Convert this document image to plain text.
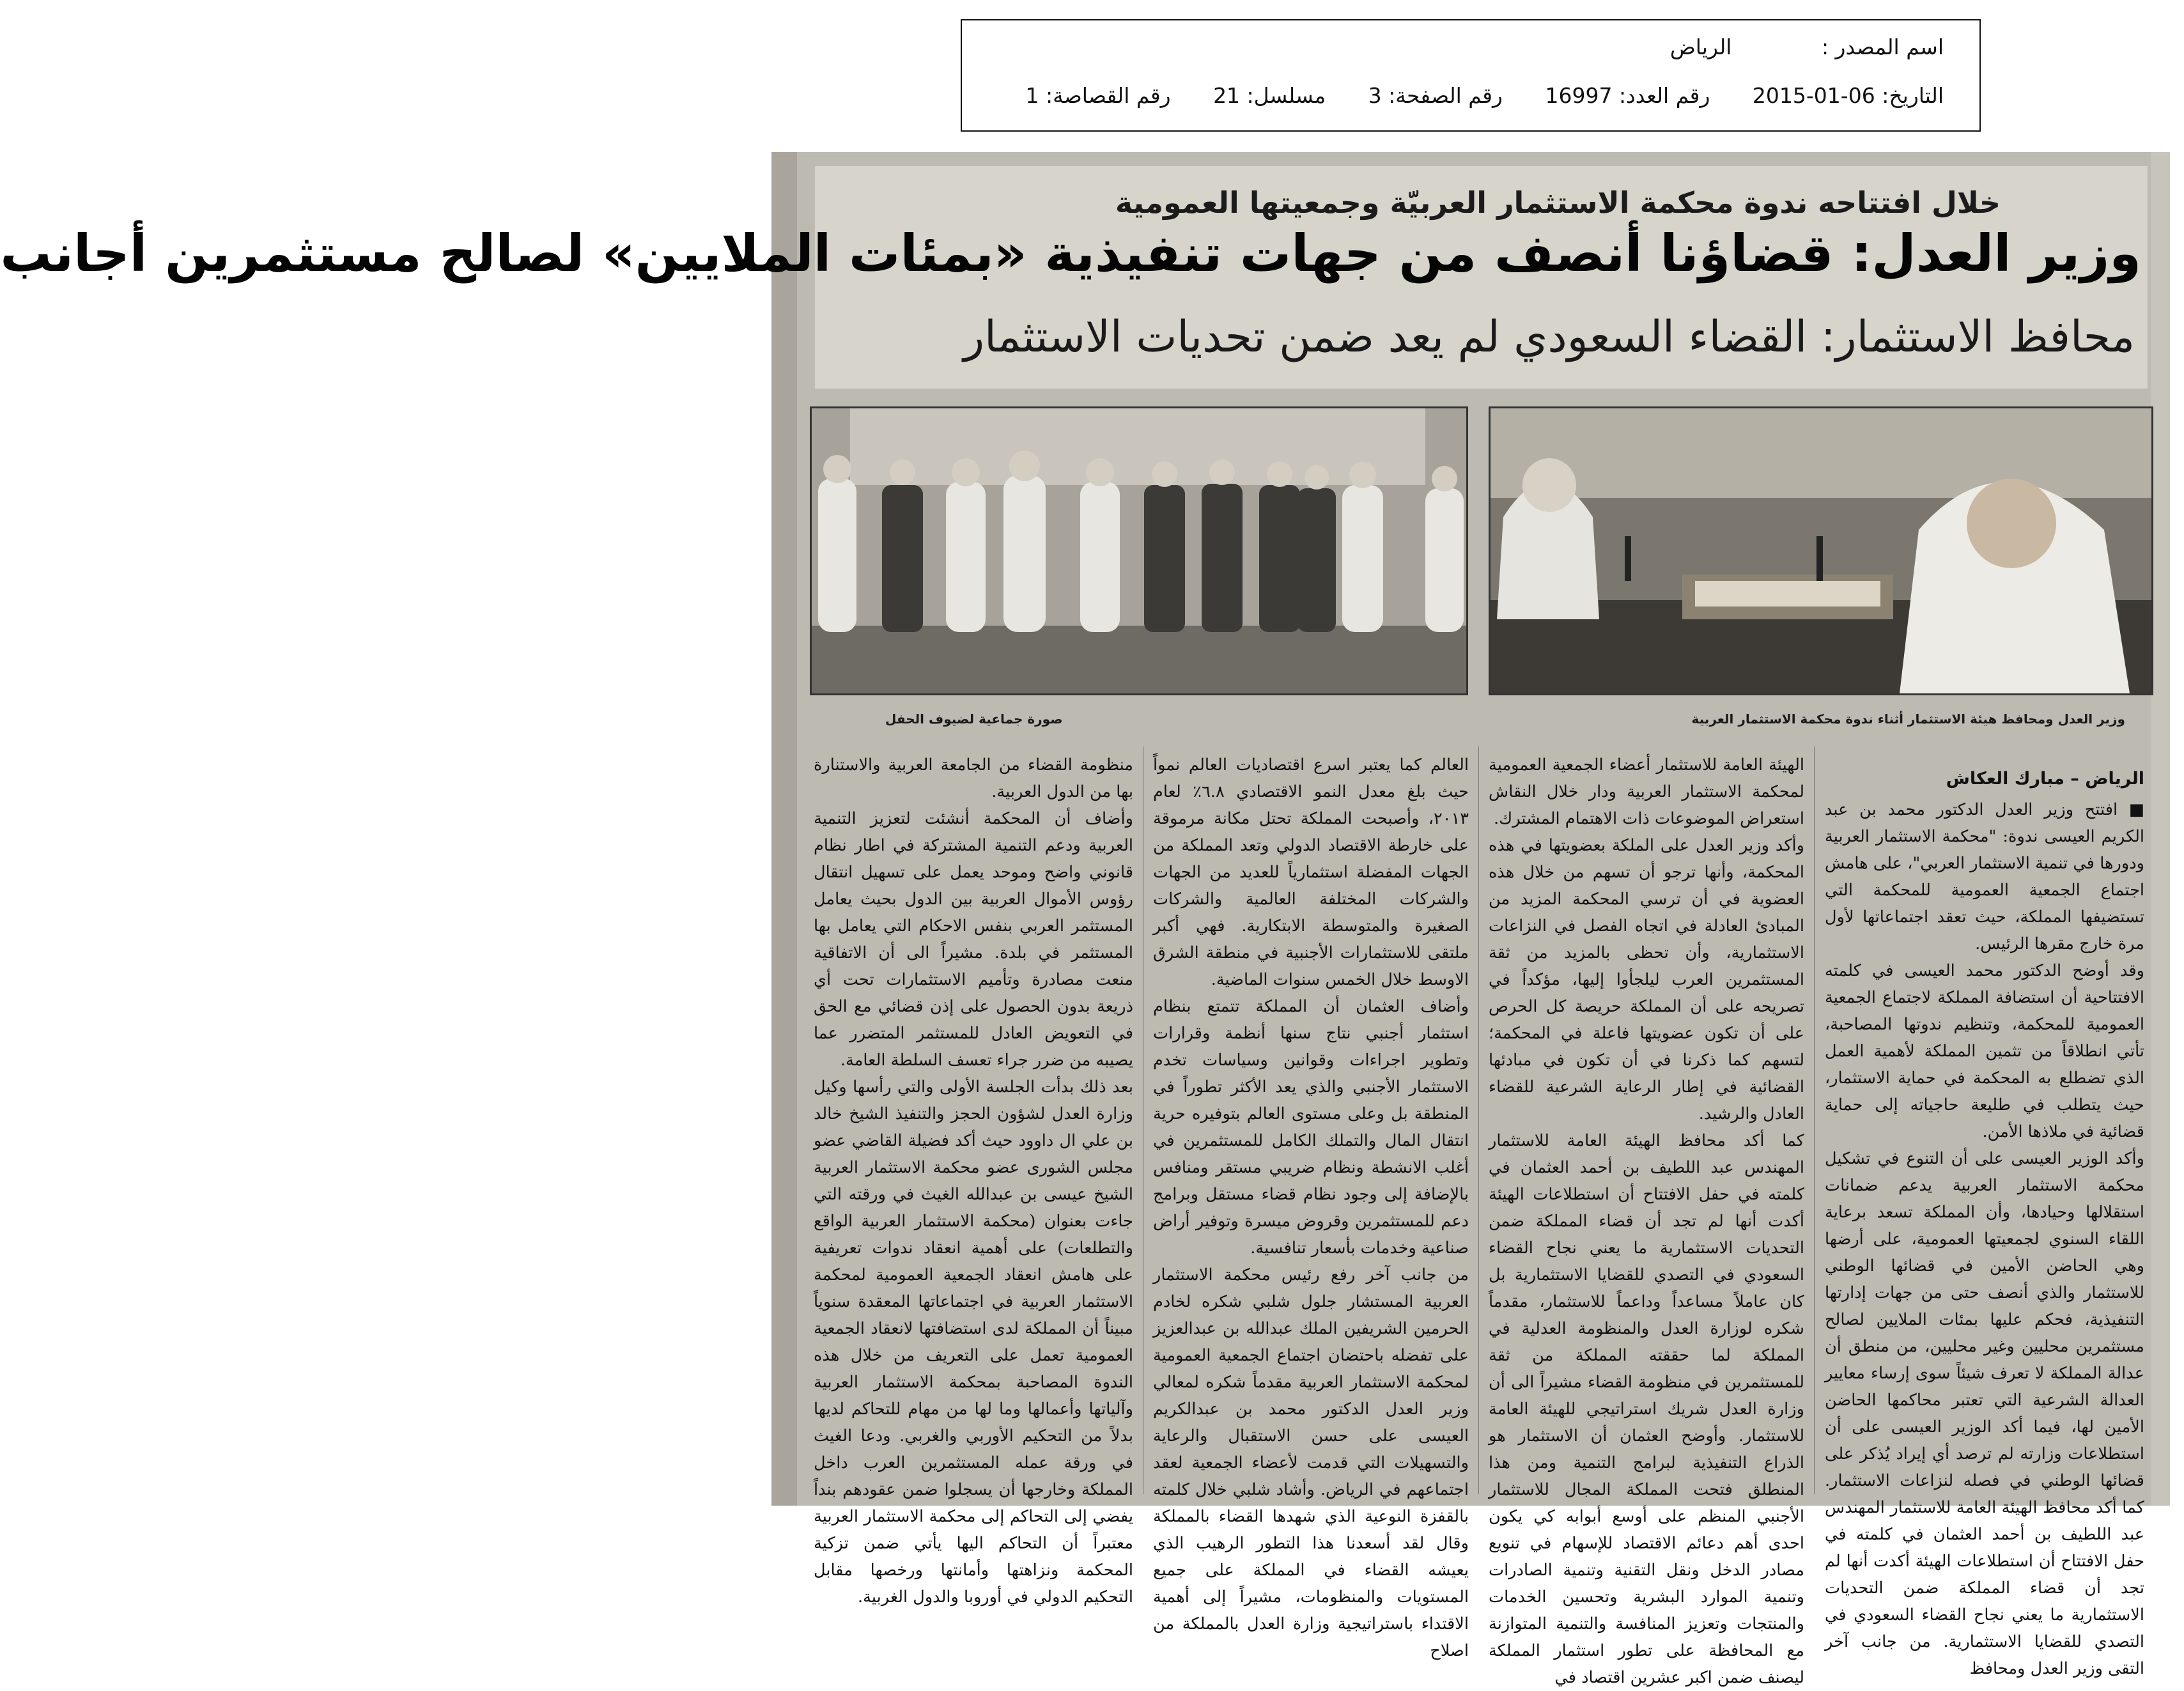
اسم المصدر : الرياض
التاريخ: 06-01-2015 رقم العدد: 16997 رقم الصفحة: 3 مسلسل: 21 رقم القصاصة: 1
خلال افتتاحه ندوة محكمة الاستثمار العربيّة وجمعيتها العمومية
وزير العدل: قضاؤنا أنصف من جهات تنفيذية «بمئات الملايين» لصالح مستثمرين أجانب
محافظ الاستثمار: القضاء السعودي لم يعد ضمن تحديات الاستثمار
صورة جماعية لضيوف الحفل	وزير العدل ومحافظ هيئة الاستثمار أثناء ندوة محكمة الاستثمار العربية

الرياض – مبارك العكاش

■ افتتح وزير العدل الدكتور محمد بن عبد الكريم العيسى ندوة: "محكمة الاستثمار العربية ودورها في تنمية الاستثمار العربي"، على هامش اجتماع الجمعية العمومية للمحكمة التي تستضيفها المملكة، حيث تعقد اجتماعاتها لأول مرة خارج مقرها الرئيس.
وقد أوضح الدكتور محمد العيسى في كلمته الافتتاحية أن استضافة المملكة لاجتماع الجمعية العمومية للمحكمة، وتنظيم ندوتها المصاحبة، تأتي انطلاقاً من تثمين المملكة لأهمية العمل الذي تضطلع به المحكمة في حماية الاستثمار، حيث يتطلب في طليعة حاجياته إلى حماية قضائية في ملاذها الأمن.
وأكد الوزير العيسى على أن التنوع في تشكيل محكمة الاستثمار العربية يدعم ضمانات استقلالها وحيادها، وأن المملكة تسعد برعاية اللقاء السنوي لجمعيتها العمومية، على أرضها وهي الحاضن الأمين في قضائها الوطني للاستثمار والذي أنصف حتى من جهات إدارتها التنفيذية، فحكم عليها بمئات الملايين لصالح مستثمرين محليين وغير محليين، من منطق أن عدالة المملكة لا تعرف شيئاً سوى إرساء معايير العدالة الشرعية التي تعتبر محاكمها الحاضن الأمين لها، فيما أكد الوزير العيسى على أن استطلاعات وزارته لم ترصد أي إيراد يُذكر على قضائها الوطني في فصله لنزاعات الاستثمار. كما أكد محافظ الهيئة العامة للاستثمار المهندس عبد اللطيف بن أحمد العثمان في كلمته في حفل الافتتاح أن استطلاعات الهيئة أكدت أنها لم تجد أن قضاء المملكة ضمن التحديات الاستثمارية ما يعني نجاح القضاء السعودي في التصدي للقضايا الاستثمارية. من جانب آخر التقى وزير العدل ومحافظ

الهيئة العامة للاستثمار أعضاء الجمعية العمومية لمحكمة الاستثمار العربية ودار خلال النقاش استعراض الموضوعات ذات الاهتمام المشترك.
وأكد وزير العدل على الملكة بعضويتها في هذه المحكمة، وأنها ترجو أن تسهم من خلال هذه العضوية في أن ترسي المحكمة المزيد من المبادئ العادلة في اتجاه الفصل في النزاعات الاستثمارية، وأن تحظى بالمزيد من ثقة المستثمرين العرب ليلجأوا إليها، مؤكداً في تصريحه على أن المملكة حريصة كل الحرص على أن تكون عضويتها فاعلة في المحكمة؛ لتسهم كما ذكرنا في أن تكون في مبادئها القضائية في إطار الرعاية الشرعية للقضاء العادل والرشيد.
كما أكد محافظ الهيئة العامة للاستثمار المهندس عبد اللطيف بن أحمد العثمان في كلمته في حفل الافتتاح أن استطلاعات الهيئة أكدت أنها لم تجد أن قضاء المملكة ضمن التحديات الاستثمارية ما يعني نجاح القضاء السعودي في التصدي للقضايا الاستثمارية بل كان عاملاً مساعداً وداعماً للاستثمار، مقدماً شكره لوزارة العدل والمنظومة العدلية في المملكة لما حققته المملكة من ثقة للمستثمرين في منظومة القضاء مشيراً الى أن وزارة العدل شريك استراتيجي للهيئة العامة للاستثمار. وأوضح العثمان أن الاستثمار هو الذراع التنفيذية لبرامج التنمية ومن هذا المنطلق فتحت المملكة المجال للاستثمار الأجنبي المنظم على أوسع أبوابه كي يكون احدى أهم دعائم الاقتصاد للإسهام في تنويع مصادر الدخل ونقل التقنية وتنمية الصادرات وتنمية الموارد البشرية وتحسين الخدمات والمنتجات وتعزيز المنافسة والتنمية المتوازنة مع المحافظة على تطور استثمار المملكة ليصنف ضمن اكبر عشرين اقتصاد في

العالم كما يعتبر اسرع اقتصاديات العالم نمواً حيث بلغ معدل النمو الاقتصادي ٦.٨٪ لعام ٢٠١٣، وأصبحت المملكة تحتل مكانة مرموقة على خارطة الاقتصاد الدولي وتعد المملكة من الجهات المفضلة استثمارياً للعديد من الجهات والشركات المختلفة العالمية والشركات الصغيرة والمتوسطة الابتكارية. فهي أكبر ملتقى للاستثمارات الأجنبية في منطقة الشرق الاوسط خلال الخمس سنوات الماضية.
وأضاف العثمان أن المملكة تتمتع بنظام استثمار أجنبي نتاج سنها أنظمة وقرارات وتطوير اجراءات وقوانين وسياسات تخدم الاستثمار الأجنبي والذي يعد الأكثر تطوراً في المنطقة بل وعلى مستوى العالم بتوفيره حرية انتقال المال والتملك الكامل للمستثمرين في أغلب الانشطة ونظام ضريبي مستقر ومنافس بالإضافة إلى وجود نظام قضاء مستقل وبرامج دعم للمستثمرين وقروض ميسرة وتوفير أراض صناعية وخدمات بأسعار تنافسية.
من جانب آخر رفع رئيس محكمة الاستثمار العربية المستشار جلول شلبي شكره لخادم الحرمين الشريفين الملك عبدالله بن عبدالعزيز على تفضله باحتضان اجتماع الجمعية العمومية لمحكمة الاستثمار العربية مقدماً شكره لمعالي وزير العدل الدكتور محمد بن عبدالكريم العيسى على حسن الاستقبال والرعاية والتسهيلات التي قدمت لأعضاء الجمعية لعقد اجتماعهم في الرياض. وأشاد شلبي خلال كلمته بالقفزة النوعية الذي شهدها القضاء بالمملكة وقال لقد أسعدنا هذا التطور الرهيب الذي يعيشه القضاء في المملكة على جميع المستويات والمنظومات، مشيراً إلى أهمية الاقتداء باستراتيجية وزارة العدل بالمملكة من اصلاح

منظومة القضاء من الجامعة العربية والاستنارة بها من الدول العربية.
وأضاف أن المحكمة أنشئت لتعزيز التنمية العربية ودعم التنمية المشتركة في اطار نظام قانوني واضح وموحد يعمل على تسهيل انتقال رؤوس الأموال العربية بين الدول بحيث يعامل المستثمر العربي بنفس الاحكام التي يعامل بها المستثمر في بلدة. مشيراً الى أن الاتفاقية منعت مصادرة وتأميم الاستثمارات تحت أي ذريعة بدون الحصول على إذن قضائي مع الحق في التعويض العادل للمستثمر المتضرر عما يصيبه من ضرر جراء تعسف السلطة العامة.
بعد ذلك بدأت الجلسة الأولى والتي رأسها وكيل وزارة العدل لشؤون الحجز والتنفيذ الشيخ خالد بن علي ال داوود حيث أكد فضيلة القاضي عضو مجلس الشورى عضو محكمة الاستثمار العربية الشيخ عيسى بن عبدالله الغيث في ورقته التي جاءت بعنوان (محكمة الاستثمار العربية الواقع والتطلعات) على أهمية انعقاد ندوات تعريفية على هامش انعقاد الجمعية العمومية لمحكمة الاستثمار العربية في اجتماعاتها المعقدة سنوياً مبيناً أن المملكة لدى استضافتها لانعقاد الجمعية العمومية تعمل على التعريف من خلال هذه الندوة المصاحبة بمحكمة الاستثمار العربية وآلياتها وأعمالها وما لها من مهام للتحاكم لديها بدلاً من التحكيم الأوربي والغربي. ودعا الغيث في ورقة عمله المستثمرين العرب داخل المملكة وخارجها أن يسجلوا ضمن عقودهم بنداً يفضي إلى التحاكم إلى محكمة الاستثمار العربية معتبراً أن التحاكم اليها يأتي ضمن تزكية المحكمة ونزاهتها وأمانتها ورخصها مقابل التحكيم الدولي في أوروبا والدول الغربية.
